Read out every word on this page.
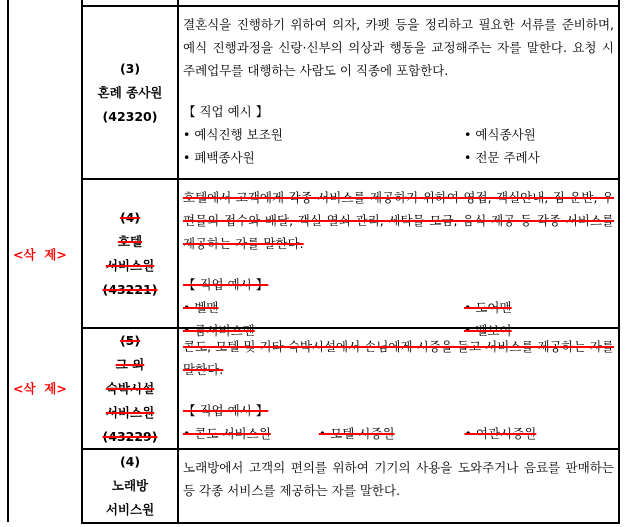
<삭  제>
<삭  제>
(3)
혼례 종사원
(42320)
결혼식을 진행하기 위하여 의자, 카펫 등을 정리하고 필요한 서류를 준비하며, 예식 진행과정을 신랑·신부의 의상과 행동을 교정해주는 자를 말한다. 요청 시 주례업무를 대행하는 사람도 이 직종에 포함한다.
【 직업 예시 】
• 예식진행 보조원	• 예식종사원
• 폐백종사원	• 전문 주례사
(4)
호텔
서비스원
(43221)
호텔에서 고객에게 각종 서비스를 제공하기 위하여 영접, 객실안내, 짐 운반, 우편물의 접수와 배달, 객실 열쇠 관리, 세탁물 모금, 음식 제공 등 각종 서비스를 제공하는 자를 말한다.
【 직업 예시 】
• 벨맨	• 도어맨
• 룸서비스맨	• 벨보이
(5)
그 외
숙박시설
서비스원
(43229)
콘도, 모텔 및 기타 숙박시설에서 손님에게 시중을 들고 서비스를 제공하는 자를 말한다.
【 직업 예시 】
• 콘도 서비스원	• 모텔 시중원	• 여관시중원
(4)
노래방
서비스원
노래방에서 고객의 편의를 위하여 기기의 사용을 도와주거나 음료를 판매하는 등 각종 서비스를 제공하는 자를 말한다.
